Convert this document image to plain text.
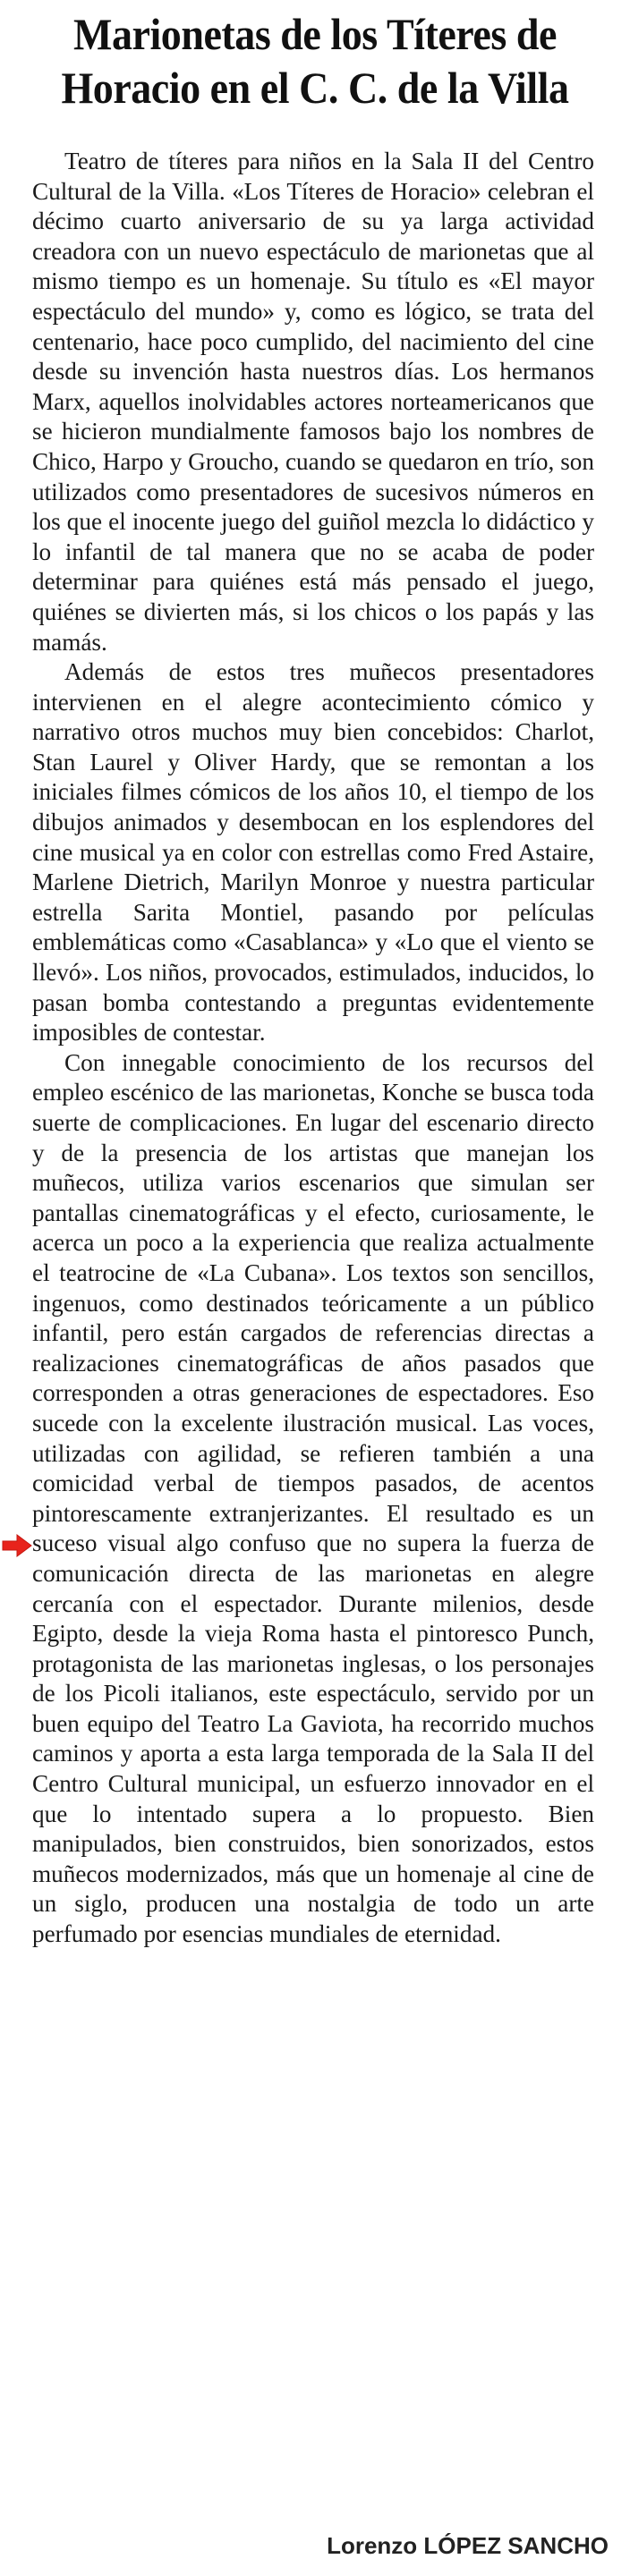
Marionetas de los Títeres de Horacio en el C. C. de la Villa

Teatro de títeres para niños en la Sala II del Centro Cultural de la Villa. «Los Títeres de Horacio» celebran el décimo cuarto aniversario de su ya larga actividad creadora con un nuevo espectáculo de marionetas que al mismo tiempo es un homenaje. Su título es «El mayor espectáculo del mundo» y, como es lógico, se trata del centenario, hace poco cumplido, del nacimiento del cine desde su invención hasta nuestros días. Los hermanos Marx, aquellos inolvidables actores norteamericanos que se hicieron mundialmente famosos bajo los nombres de Chico, Harpo y Groucho, cuando se quedaron en trío, son utilizados como presentadores de sucesivos números en los que el inocente juego del guiñol mezcla lo didáctico y lo infantil de tal manera que no se acaba de poder determinar para quiénes está más pensado el juego, quiénes se divierten más, si los chicos o los papás y las mamás.

Además de estos tres muñecos presentadores intervienen en el alegre acontecimiento cómico y narrativo otros muchos muy bien concebidos: Charlot, Stan Laurel y Oliver Hardy, que se remontan a los iniciales filmes cómicos de los años 10, el tiempo de los dibujos animados y desembocan en los esplendores del cine musical ya en color con estrellas como Fred Astaire, Marlene Dietrich, Marilyn Monroe y nuestra particular estrella Sarita Montiel, pasando por películas emblemáticas como «Casablanca» y «Lo que el viento se llevó». Los niños, provocados, estimulados, inducidos, lo pasan bomba contestando a preguntas evidentemente imposibles de contestar.

Con innegable conocimiento de los recursos del empleo escénico de las marionetas, Konche se busca toda suerte de complicaciones. En lugar del escenario directo y de la presencia de los artistas que manejan los muñecos, utiliza varios escenarios que simulan ser pantallas cinematográficas y el efecto, curiosamente, le acerca un poco a la experiencia que realiza actualmente el teatrocine de «La Cubana». Los textos son sencillos, ingenuos, como destinados teóricamente a un público infantil, pero están cargados de referencias directas a realizaciones cinematográficas de años pasados que corresponden a otras generaciones de espectadores. Eso sucede con la excelente ilustración musical. Las voces, utilizadas con agilidad, se refieren también a una comicidad verbal de tiempos pasados, de acentos pintorescamente extranjerizantes. El resultado es un suceso visual algo confuso que no supera la fuerza de comunicación directa de las marionetas en alegre cercanía con el espectador. Durante milenios, desde Egipto, desde la vieja Roma hasta el pintoresco Punch, protagonista de las marionetas inglesas, o los personajes de los Picoli italianos, este espectáculo, servido por un buen equipo del Teatro La Gaviota, ha recorrido muchos caminos y aporta a esta larga temporada de la Sala II del Centro Cultural municipal, un esfuerzo innovador en el que lo intentado supera a lo propuesto. Bien manipulados, bien construidos, bien sonorizados, estos muñecos modernizados, más que un homenaje al cine de un siglo, producen una nostalgia de todo un arte perfumado por esencias mundiales de eternidad.

Lorenzo LÓPEZ SANCHO
